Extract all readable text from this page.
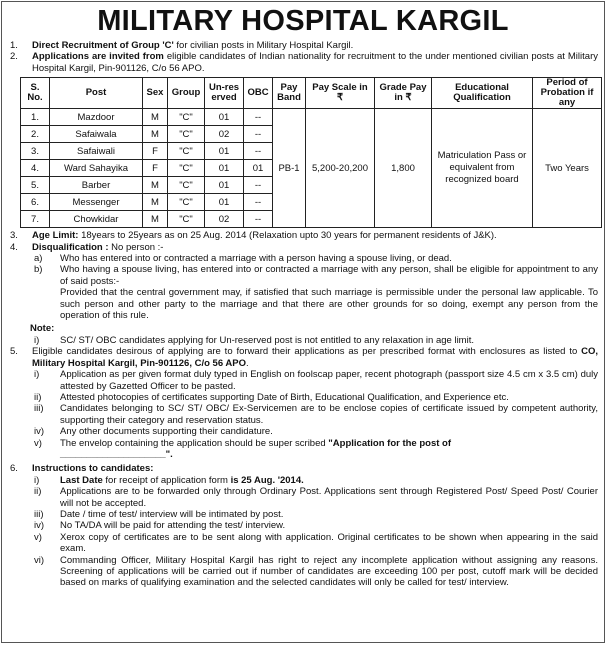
MILITARY HOSPITAL KARGIL
1.	Direct Recruitment of Group 'C' for civilian posts in Military Hospital Kargil.
2.	Applications are invited from eligible candidates of Indian nationality for recruitment to the under mentioned civilian posts at Military Hospital Kargil, Pin-901126, C/o 56 APO.
S. No.	Post	Sex	Group	Un-res erved	OBC	Pay Band	Pay Scale in ₹	Grade Pay in ₹	Educational Qualification	Period of Probation if any
1.	Mazdoor	M	"C"	01	--	PB-1	5,200-20,200	1,800	Matriculation Pass or equivalent from recognized board	Two Years
2.	Safaiwala	M	"C"	02	--					
3.	Safaiwali	F	"C"	01	--					
4.	Ward Sahayika	F	"C"	01	01					
5.	Barber	M	"C"	01	--					
6.	Messenger	M	"C"	01	--					
7.	Chowkidar	M	"C"	02	--					
3.	Age Limit: 18years to 25years as on 25 Aug. 2014 (Relaxation upto 30 years for permanent residents of J&K).
4.	Disqualification : No person :-
a)	Who has entered into or contracted a marriage with a person having a spouse living, or dead.
b)	Who having a spouse living, has entered into or contracted a marriage with any person, shall be eligible for appointment to any of said posts:-
Provided that the central government may, if satisfied that such marriage is permissible under the personal law applicable. To such person and other party to the marriage and that there are other grounds for so doing, exempt any person from the operation of this rule.
Note:
i)	SC/ ST/ OBC candidates applying for Un-reserved post is not entitled to any relaxation in age limit.
5.	Eligible candidates desirous of applying are to forward their applications as per prescribed format with enclosures as listed to CO, Military Hospital Kargil, Pin-901126, C/o 56 APO.
i)	Application as per given format duly typed in English on foolscap paper, recent photograph (passport size 4.5 cm x 3.5 cm) duly attested by Gazetted Officer to be pasted.
ii)	Attested photocopies of certificates supporting Date of Birth, Educational Qualification, and Experience etc.
iii)	Candidates belonging to SC/ ST/ OBC/ Ex-Servicemen are to be enclose copies of certificate issued by competent authority, supporting their category and reservation status.
iv)	Any other documents supporting their candidature.
v)	The envelop containing the application should be super scribed "Application for the post of
____________________".
6.	Instructions to candidates:
i)	Last Date for receipt of application form is 25 Aug. '2014.
ii)	Applications are to be forwarded only through Ordinary Post. Applications sent through Registered Post/ Speed Post/ Courier will not be accepted.
iii)	Date / time of test/ interview will be intimated by post.
iv)	No TA/DA will be paid for attending the test/ interview.
v)	Xerox copy of certificates are to be sent along with application. Original certificates to be shown when appearing in the said exam.
vi)	Commanding Officer, Military Hospital Kargil has right to reject any incomplete application without assigning any reasons. Screening of applications will be carried out if number of candidates are exceeding 100 per post, cutoff mark will be decided based on marks of qualifying examination and the selected candidates will only be called for test/ interview.
